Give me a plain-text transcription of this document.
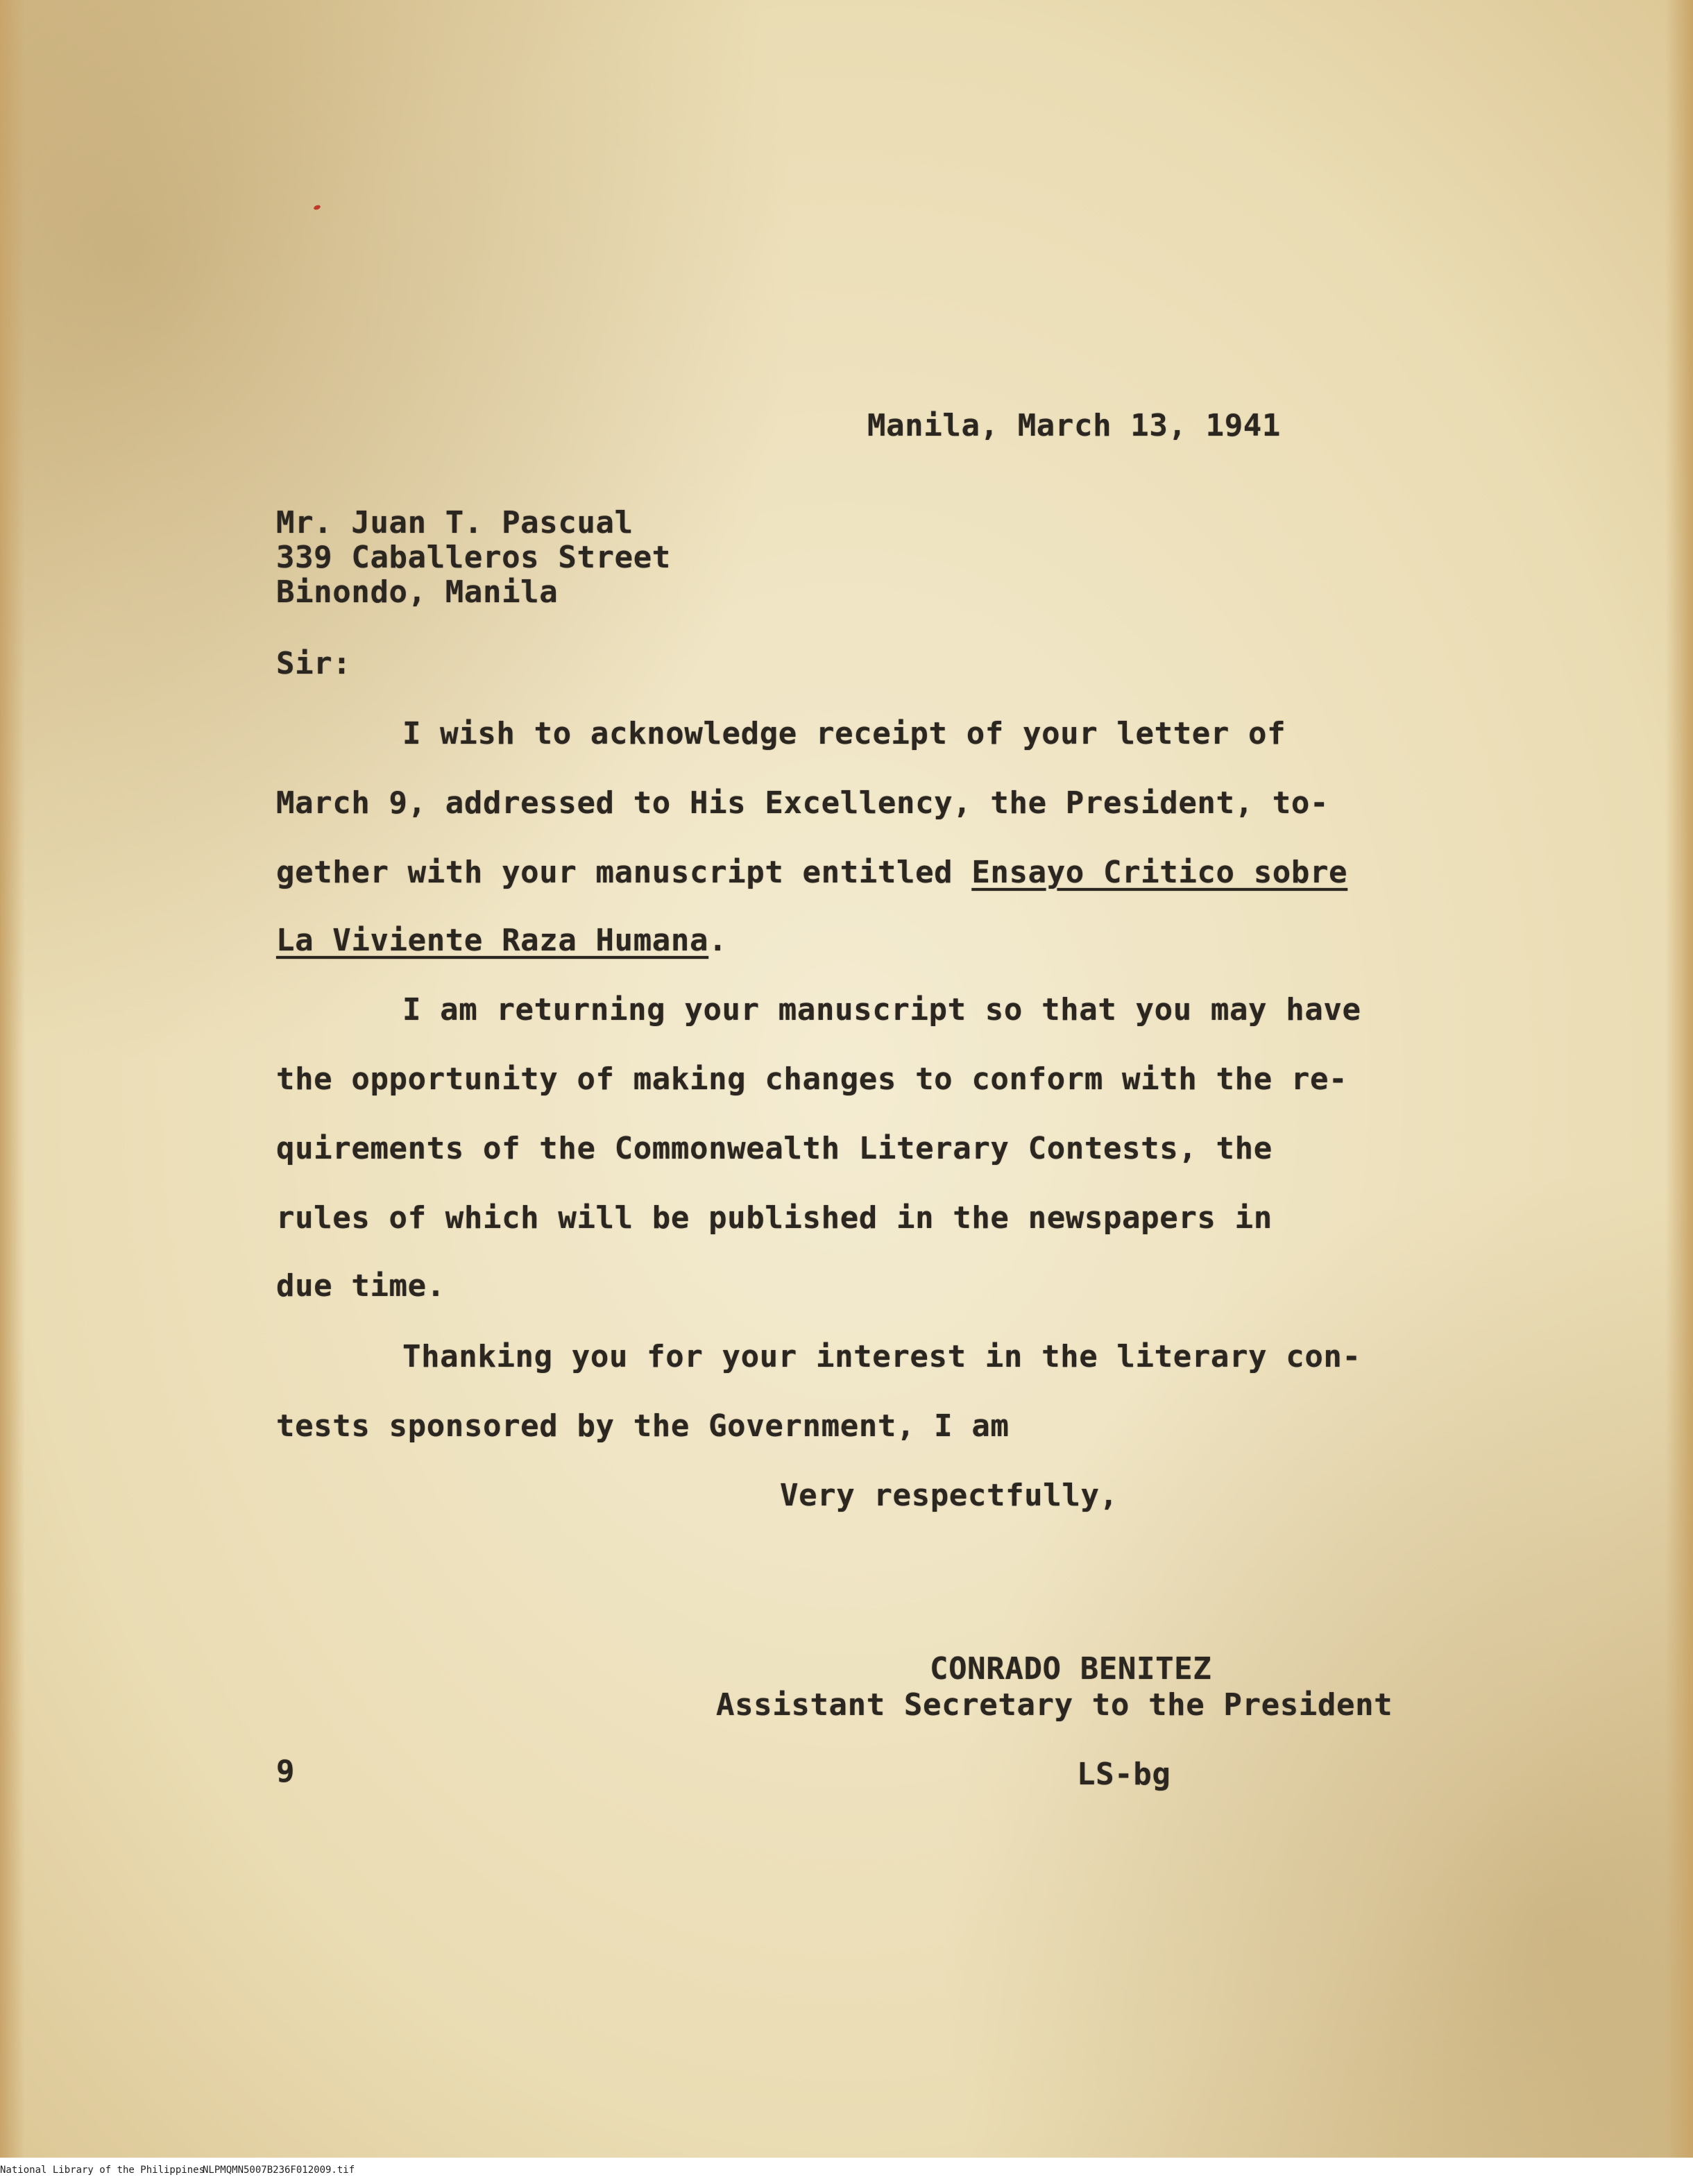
Manila, March 13, 1941
Mr. Juan T. Pascual
339 Caballeros Street
Binondo, Manila
Sir:
I wish to acknowledge receipt of your letter of
March 9, addressed to His Excellency, the President, to-
gether with your manuscript entitled Ensayo Critico sobre
La Viviente Raza Humana.
I am returning your manuscript so that you may have
the opportunity of making changes to conform with the re-
quirements of the Commonwealth Literary Contests, the
rules of which will be published in the newspapers in
due time.
Thanking you for your interest in the literary con-
tests sponsored by the Government, I am
Very respectfully,
CONRADO BENITEZ
Assistant Secretary to the President
9	LS-bg
National Library of the Philippines
NLPMQMN5007B236F012009.tif
